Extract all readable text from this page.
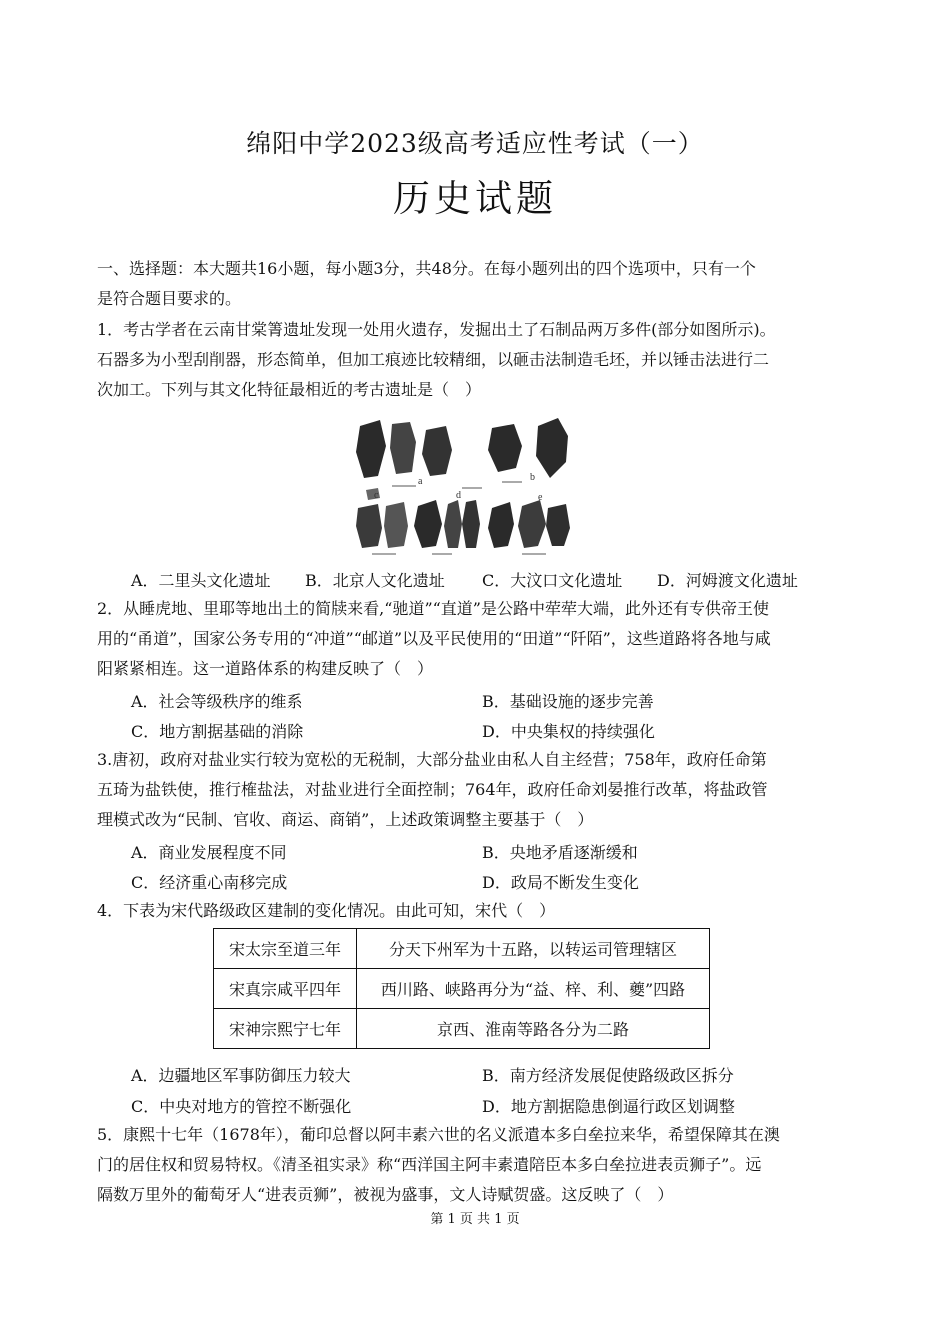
绵阳中学2023级高考适应性考试（一）
历史试题
一、选择题：本大题共16小题，每小题3分，共48分。在每小题列出的四个选项中，只有一个
是符合题目要求的。
1．考古学者在云南甘棠箐遗址发现一处用火遗存，发掘出土了石制品两万多件(部分如图所示)。
石器多为小型刮削器，形态简单，但加工痕迹比较精细，以砸击法制造毛坯，并以锤击法进行二
次加工。下列与其文化特征最相近的考古遗址是（　）
a	b
c	d	e
A．二里头文化遗址 B．北京人文化遗址 C．大汶口文化遗址 D．河姆渡文化遗址
2．从睡虎地、里耶等地出土的简牍来看,“驰道”“直道”是公路中荦荦大端，此外还有专供帝王使
用的“甬道”，国家公务专用的“冲道”“邮道”以及平民使用的“田道”“阡陌”，这些道路将各地与咸
阳紧紧相连。这一道路体系的构建反映了（　）
A．社会等级秩序的维系	B．基础设施的逐步完善
C．地方割据基础的消除	D．中央集权的持续强化
3.唐初，政府对盐业实行较为宽松的无税制，大部分盐业由私人自主经营；758年，政府任命第
五琦为盐铁使，推行榷盐法，对盐业进行全面控制；764年，政府任命刘晏推行改革，将盐政管
理模式改为“民制、官收、商运、商销”，上述政策调整主要基于（　）
A．商业发展程度不同	B．央地矛盾逐渐缓和
C．经济重心南移完成	D．政局不断发生变化
4．下表为宋代路级政区建制的变化情况。由此可知，宋代（　）
宋太宗至道三年	分天下州军为十五路，以转运司管理辖区
宋真宗咸平四年	西川路、峡路再分为“益、梓、利、夔”四路
宋神宗熙宁七年	京西、淮南等路各分为二路
A．边疆地区军事防御压力较大	B．南方经济发展促使路级政区拆分
C．中央对地方的管控不断强化	D．地方割据隐患倒逼行政区划调整
5．康熙十七年（1678年），葡印总督以阿丰素六世的名义派遣本多白垒拉来华，希望保障其在澳
门的居住权和贸易特权。《清圣祖实录》称“西洋国主阿丰素遣陪臣本多白垒拉进表贡狮子”。远
隔数万里外的葡萄牙人“进表贡狮”，被视为盛事，文人诗赋贺盛。这反映了（　）
第 1 页 共 1 页
